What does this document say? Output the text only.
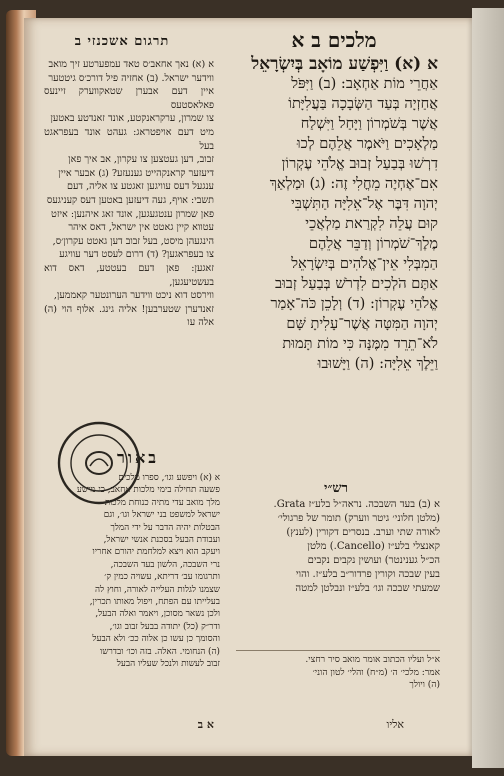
מלכים ב א
תרגום אשכנזי ב

א (א) וַיִּפְשַׁע מוֹאָב בְּיִשְׂרָאֵל

אַחֲרֵי מוֹת אַחְאָב: (ב) וַיִּפֹּל

אֲחַזְיָה בְּעַד הַשְּׂבָכָה בַּעֲלִיָּתוֹ

אֲשֶׁר בְּשֹׁמְרוֹן וַיָּחַל וַיִּשְׁלַח

מַלְאָכִים וַיֹּאמֶר אֲלֵהֶם לְכוּ

דִרְשׁוּ בְּבַעַל זְבוּב אֱלֹהֵי עֶקְרוֹן

אִם־אֶחְיֶה מֵחֳלִי זֶה: (ג) וּמַלְאַךְ

יְהוָה דִּבֶּר אֶל־אֵלִיָּה הַתִּשְׁבִּי

קוּם עֲלֵה לִקְרַאת מַלְאֲכֵי

מֶלֶךְ־שֹׁמְרוֹן וְדַבֵּר אֲלֵהֶם

הַמִבְּלִי אֵין־אֱלֹהִים בְּיִשְׂרָאֵל

אַתֶּם הֹלְכִים לִדְרֹשׁ בְּבַעַל זְבוּב

אֱלֹהֵי עֶקְרוֹן: (ד) וְלָכֵן כֹּה־אָמַר

יְהוָה הַמִּטָּה אֲשֶׁר־עָלִיתָ שָּׁם

לֹא־תֵרֵד מִמֶּנָּה כִּי מוֹת תָּמוּת

וַיֵּלֶךְ אֵלִיָּה: (ה) וַיָּשׁוּבוּ

א (א) נאך אחאב׳ס טאד עמפערטע זיך מואב

ווידער ישראל. (ב) אחזיה פיל דורכ׳ס גיטטער

איין דעם אבערן שטאקווערק זיינעס פאלאסטעס

צו שמרון, ערקראנקטע, אונד זאנדטע באטען

מיט דעם אויפטראג: געהט אונד בעפראגט בעל

זבוב, דען געטצען צו עקרון, אב איך פאן

דיעזער קראנקהייט גענעזע? (ג) אבער איין

ענגעל דעס עוויגען זאגטע צו אליה, דעם

תשבי: אויף, געה דיעזען באטען דעס קעניגעס

פאן שמרון ענטגעגען, אונד זאג איהנען: איזט

עטווא קיין גאטט אין ישראל, דאס איהר

הינגעהן מיסט, בעל זבוב דען גאטט עקרון׳ס,

צו בעפראגען? (ד) דרום לעסט דער עוויגע

זאגען: פאן דעם בעטטע, דאס דוא בעשטיעגען,

ווירסט דוא ניכט ווידער הערונטער קאממען,

זאנדערן שטערבען! אליה גינג. אלוף הוי (ה) אלה עו

רש״י
א (ב) בעד השבכה. נראה״ל בלע״ז Grata.
(מלטן חלוני׳ גיטר ווערק) תומר של פרגולי׳
לאורה שתי וערב. בנסרים דקורין (לענץ)
קאנצלי בלע״ז (Cancello.) מלטן
הכ״ל גענינטר) ועושין נקבים נקבים
בעין שבכה וקורין פרדור״ב בלע״ז. והוי
שמעתי שבכה וגו׳ בלע״ז ונבלטן למטה
א״ל ועליו הכתוב אומר מואב סיר רחצי.
אמר: מלכי׳ ה׳ (מ״ח) והלי׳ לטון הוני׳
(ה) ויולך
באור
א (א) ויפשע וגו׳, ספרו מלכים
פשעה תחילה בימי מלכות אחאב, כי מישע
מלך מואב עדי מתיה כנוחת מלכות
ישראל למשפט בני ישראל וגו׳, וגם
הבטלות יהיה הדבר על ידי המלך
ועבודת הבעל בסכנת אנשי ישראל,
ויעקב הוא ויצא למלחמת יהורם אחריו
נרי השבכה, הלשון בעד השבכה,
ותרגומו עב׳ דריתא, עשויה כמין ק׳
שצמנו לגלות העלייה לאורה, וחוץ לה
בעלייתו עם הפתח, ויפול מאותו תכרין,
ולכן נשאר מסוכן, ויאמר ואלה הבעל,
ודר״ק (כל) יתודה בבעל זבוב וגו׳,
והסומך כן עשו כן אלוה ככ׳ ולא הבעל
(ה) הנחומי. האלה. בזה וכו׳ ובדרשו
זבוב לעשות ולנכל שעליו הבעל
א ב	אליו
